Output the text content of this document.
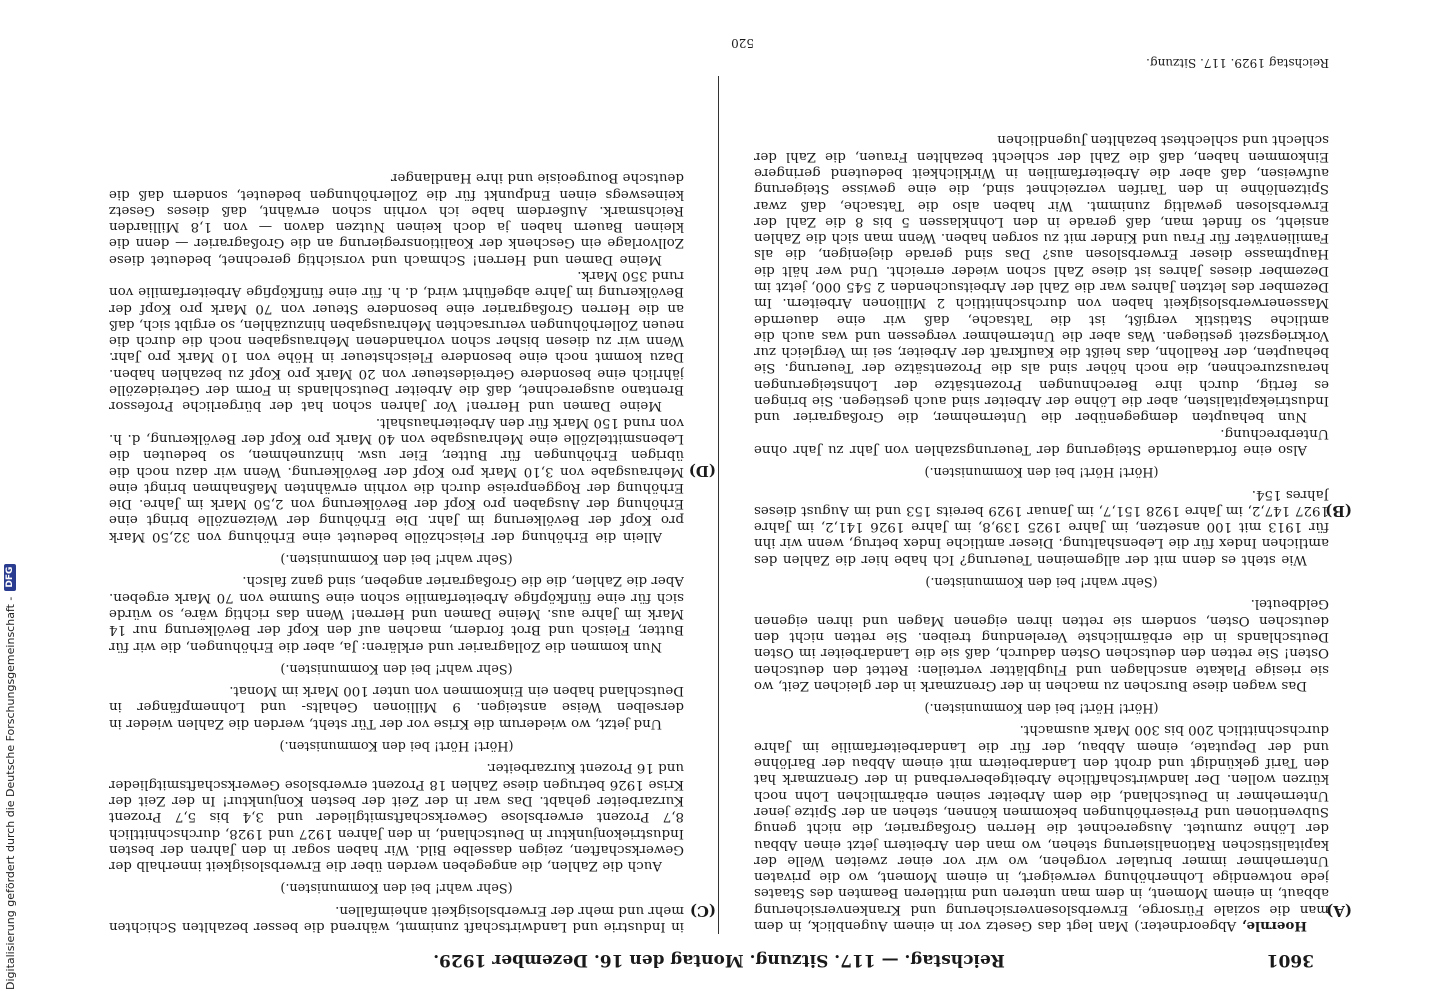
3601
Reichstag. — 117. Sitzung. Montag den 16. Dezember 1929.
(A)
(B)
(C)
(D)

Hoernle, Abgeordneter.) Man legt das Gesetz vor in einem Augenblick, in dem man die soziale Fürsorge, Erwerbslosenversicherung und Krankenversicherung abbaut, in einem Moment, in dem man unteren und mittleren Beamten des Staates jede notwendige Lohnerhöhung verweigert, in einem Moment, wo die privaten Unternehmer immer brutaler vorgehen, wo wir vor einer zweiten Welle der kapitalistischen Rationalisierung stehen, wo man den Arbeitern jetzt einen Abbau der Löhne zumutet. Ausgerechnet die Herren Großagrarier, die nicht genug Subventionen und Preiserhöhungen bekommen können, stehen an der Spitze jener Unternehmer in Deutschland, die dem Arbeiter seinen erbärmlichen Lohn noch kürzen wollen. Der landwirtschaftliche Arbeitgeberverband in der Grenzmark hat den Tarif gekündigt und droht den Landarbeitern mit einem Abbau der Barlöhne und der Deputate, einem Abbau, der für die Landarbeiterfamilie im Jahre durchschnittlich 200 bis 300 Mark ausmacht.

(Hört! Hört! bei den Kommunisten.)

Das wagen diese Burschen zu machen in der Grenzmark in der gleichen Zeit, wo sie riesige Plakate anschlagen und Flugblätter verteilen: Rettet den deutschen Osten! Sie retten den deutschen Osten dadurch, daß sie die Landarbeiter im Osten Deutschlands in die erbärmlichste Verelendung treiben. Sie retten nicht den deutschen Osten, sondern sie retten ihren eigenen Magen und ihren eigenen Geldbeutel.

(Sehr wahr! bei den Kommunisten.)

Wie steht es denn mit der allgemeinen Teuerung? Ich habe hier die Zahlen des amtlichen Index für die Lebenshaltung. Dieser amtliche Index betrug, wenn wir ihn für 1913 mit 100 ansetzen, im Jahre 1925 139,8, im Jahre 1926 141,2, im Jahre 1927 147,2, im Jahre 1928 151,7, im Januar 1929 bereits 153 und im August dieses Jahres 154.

(Hört! Hört! bei den Kommunisten.)

Also eine fortdauernde Steigerung der Teuerungszahlen von Jahr zu Jahr ohne Unterbrechung.

Nun behaupten demgegenüber die Unternehmer, die Großagrarier und Industriekapitalisten, aber die Löhne der Arbeiter sind auch gestiegen. Sie bringen es fertig, durch ihre Berechnungen Prozentsätze der Lohnsteigerungen herauszurechnen, die noch höher sind als die Prozentsätze der Teuerung. Sie behaupten, der Reallohn, das heißt die Kaufkraft der Arbeiter, sei im Vergleich zur Vorkriegszeit gestiegen. Was aber die Unternehmer vergessen und was auch die amtliche Statistik vergißt, ist die Tatsache, daß wir eine dauernde Massenerwerbslosigkeit haben von durchschnittlich 2 Millionen Arbeitern. Im Dezember des letzten Jahres war die Zahl der Arbeitsuchenden 2 545 000, jetzt im Dezember dieses Jahres ist diese Zahl schon wieder erreicht. Und wer hält die Hauptmasse dieser Erwerbslosen aus? Das sind gerade diejenigen, die als Familienväter für Frau und Kinder mit zu sorgen haben. Wenn man sich die Zahlen ansieht, so findet man, daß gerade in den Lohnklassen 5 bis 8 die Zahl der Erwerbslosen gewaltig zunimmt. Wir haben also die Tatsache, daß zwar Spitzenlöhne in den Tarifen verzeichnet sind, die eine gewisse Steigerung aufweisen, daß aber die Arbeiterfamilien in Wirklichkeit bedeutend geringere Einkommen haben, daß die Zahl der schlecht bezahlten Frauen, die Zahl der schlecht und schlechtest bezahlten Jugendlichen

in Industrie und Landwirtschaft zunimmt, während die besser bezahlten Schichten mehr und mehr der Erwerbslosigkeit anheimfallen.

(Sehr wahr! bei den Kommunisten.)

Auch die Zahlen, die angegeben werden über die Erwerbslosigkeit innerhalb der Gewerkschaften, zeigen dasselbe Bild. Wir haben sogar in den Jahren der besten Industriekonjunktur in Deutschland, in den Jahren 1927 und 1928, durchschnittlich 8,7 Prozent erwerbslose Gewerkschaftsmitglieder und 3,4 bis 5,7 Prozent Kurzarbeiter gehabt. Das war in der Zeit der besten Konjunktur! In der Zeit der Krise 1926 betrugen diese Zahlen 18 Prozent erwerbslose Gewerkschaftsmitglieder und 16 Prozent Kurzarbeiter.

(Hört! Hört! bei den Kommunisten.)

Und jetzt, wo wiederum die Krise vor der Tür steht, werden die Zahlen wieder in derselben Weise ansteigen. 9 Millionen Gehalts- und Lohnempfänger in Deutschland haben ein Einkommen von unter 100 Mark im Monat.

(Sehr wahr! bei den Kommunisten.)

Nun kommen die Zollagrarier und erklären: Ja, aber die Erhöhungen, die wir für Butter, Fleisch und Brot fordern, machen auf den Kopf der Bevölkerung nur 14 Mark im Jahre aus. Meine Damen und Herren! Wenn das richtig wäre, so würde sich für eine fünfköpfige Arbeiterfamilie schon eine Summe von 70 Mark ergeben. Aber die Zahlen, die die Großagrarier angeben, sind ganz falsch.

(Sehr wahr! bei den Kommunisten.)

Allein die Erhöhung der Fleischzölle bedeutet eine Erhöhung von 32,50 Mark pro Kopf der Bevölkerung im Jahr. Die Erhöhung der Weizenzölle bringt eine Erhöhung der Ausgaben pro Kopf der Bevölkerung von 2,50 Mark im Jahre. Die Erhöhung der Roggenpreise durch die vorhin erwähnten Maßnahmen bringt eine Mehrausgabe von 3,10 Mark pro Kopf der Bevölkerung. Wenn wir dazu noch die übrigen Erhöhungen für Butter, Eier usw. hinzunehmen, so bedeuten die Lebensmittelzölle eine Mehrausgabe von 40 Mark pro Kopf der Bevölkerung, d. h. von rund 150 Mark für den Arbeiterhaushalt.

Meine Damen und Herren! Vor Jahren schon hat der bürgerliche Professor Brentano ausgerechnet, daß die Arbeiter Deutschlands in Form der Getreidezölle jährlich eine besondere Getreidesteuer von 20 Mark pro Kopf zu bezahlen haben. Dazu kommt noch eine besondere Fleischsteuer in Höhe von 10 Mark pro Jahr. Wenn wir zu diesen bisher schon vorhandenen Mehrausgaben noch die durch die neuen Zollerhöhungen verursachten Mehrausgaben hinzuzählen, so ergibt sich, daß an die Herren Großagrarier eine besondere Steuer von 70 Mark pro Kopf der Bevölkerung im Jahre abgeführt wird, d. h. für eine fünfköpfige Arbeiterfamilie von rund 350 Mark.

Meine Damen und Herren! Schmach und vorsichtig gerechnet, bedeutet diese Zollvorlage ein Geschenk der Koalitionsregierung an die Großagrarier — denn die kleinen Bauern haben ja doch keinen Nutzen davon — von 1,8 Milliarden Reichsmark. Außerdem habe ich vorhin schon erwähnt, daß dieses Gesetz keineswegs einen Endpunkt für die Zollerhöhungen bedeutet, sondern daß die deutsche Bourgeoisie und ihre Handlanger

Reichstag 1929. 117. Sitzung.
520
Digitalisierung gefördert durch die Deutsche Forschungsgemeinschaft -
DFG
